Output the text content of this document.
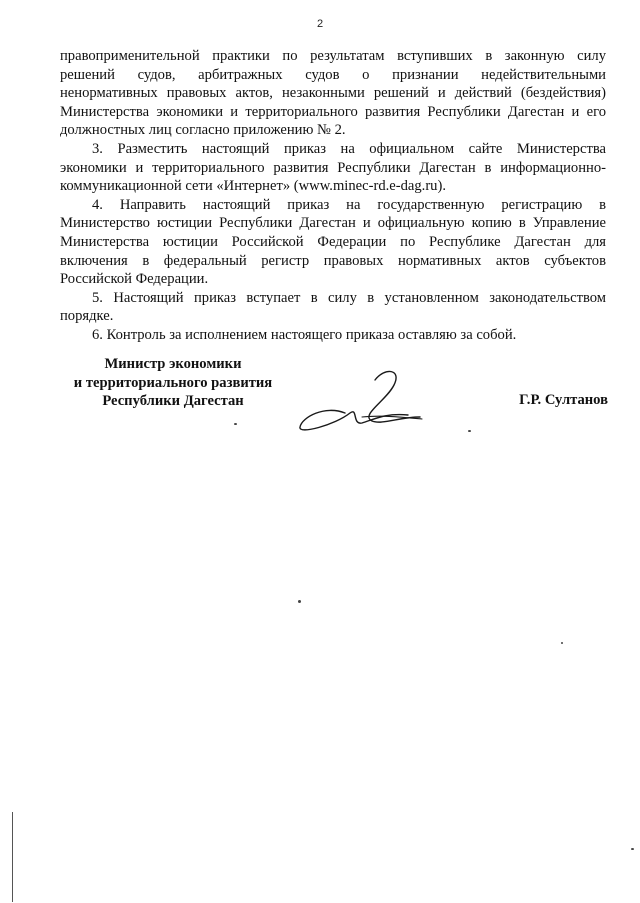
2

правоприменительной практики по результатам вступивших в законную силу
решений судов, арбитражных судов о признании недействительными
ненормативных правовых актов, незаконными решений и действий (бездействия)
Министерства экономики и территориального развития Республики Дагестан и его
должностных лиц согласно приложению № 2.

3. Разместить настоящий приказ на официальном сайте Министерства
экономики и территориального развития Республики Дагестан в информационно-
коммуникационной сети «Интернет» (www.minec-rd.e-dag.ru).

4. Направить настоящий приказ на государственную регистрацию в
Министерство юстиции Республики Дагестан и официальную копию в Управление
Министерства юстиции Российской Федерации по Республике Дагестан для
включения в федеральный регистр правовых нормативных актов субъектов
Российской Федерации.

5. Настоящий приказ вступает в силу в установленном законодательством
порядке.

6. Контроль за исполнением настоящего приказа оставляю за собой.

Министр экономики
и территориального развития
Республики Дагестан	Г.Р. Султанов
